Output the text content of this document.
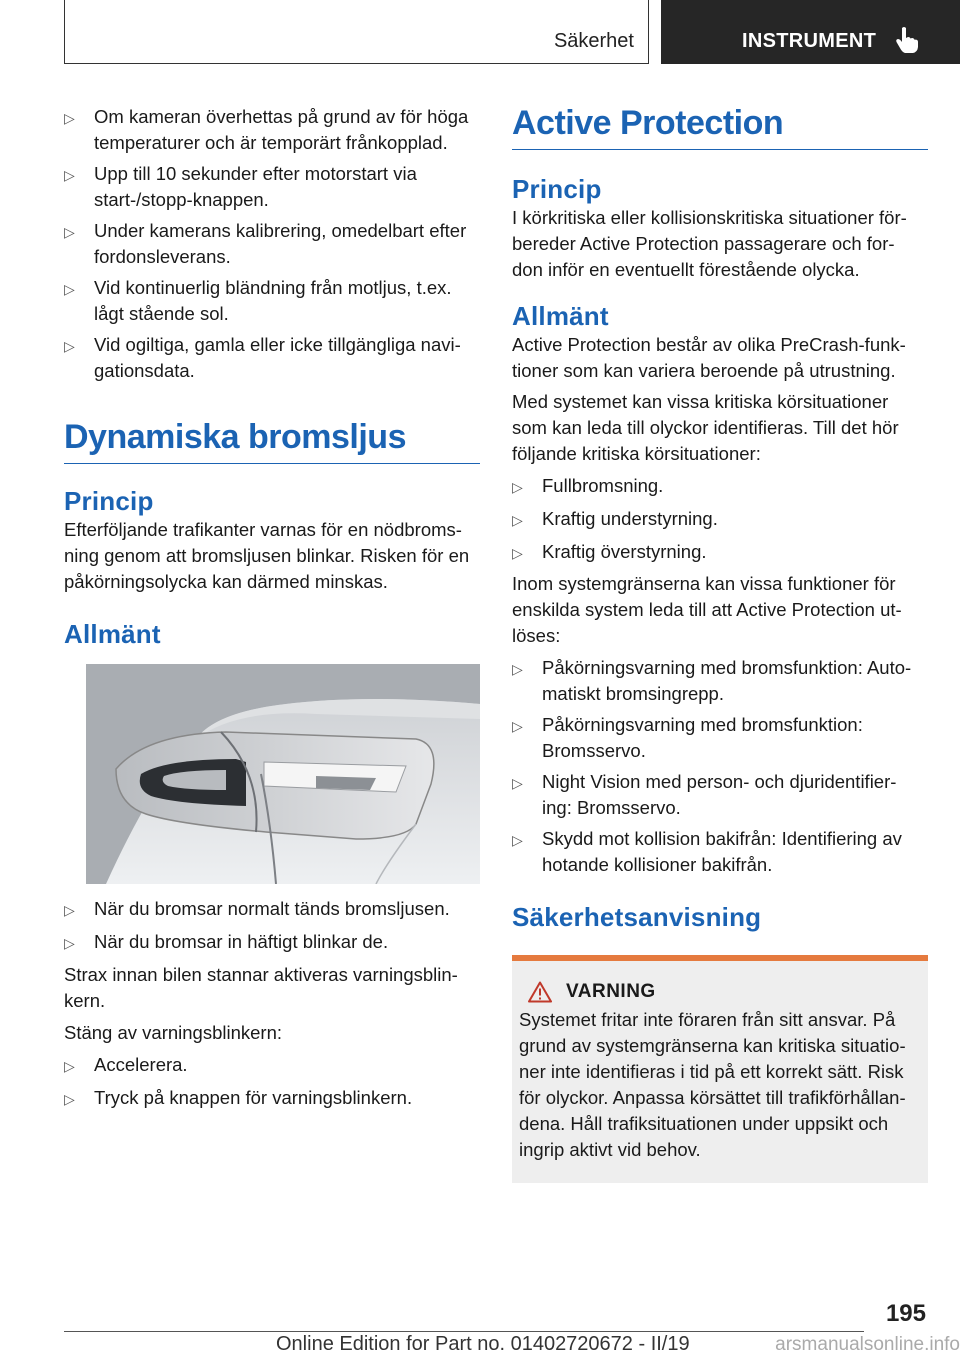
Säkerhet	INSTRUMENT
▷	Om kameran överhettas på grund av för höga temperaturer och är temporärt frånkopplad.
▷	Upp till 10 sekunder efter motorstart via start-/stopp-knappen.
▷	Under kamerans kalibrering, omedelbart efter fordonsleverans.
▷	Vid kontinuerlig bländning från motljus, t.ex. lågt stående sol.
▷	Vid ogiltiga, gamla eller icke tillgängliga navi‐ gationsdata.
Dynamiska bromsljus
Princip

Efterföljande trafikanter varnas för en nödbroms‐ ning genom att bromsljusen blinkar. Risken för en påkörningsolycka kan därmed minskas.

Allmänt
▷	När du bromsar normalt tänds bromsljusen.
▷	När du bromsar in häftigt blinkar de.

Strax innan bilen stannar aktiveras varningsblin‐ kern.

Stäng av varningsblinkern:

▷	Accelerera.
▷	Tryck på knappen för varningsblinkern.
Active Protection
Princip

I körkritiska eller kollisionskritiska situationer för‐ bereder Active Protection passagerare och for‐ don inför en eventuellt förestående olycka.

Allmänt

Active Protection består av olika PreCrash-funk‐ tioner som kan variera beroende på utrustning.

Med systemet kan vissa kritiska körsituationer som kan leda till olyckor identifieras. Till det hör följande kritiska körsituationer:

▷	Fullbromsning.
▷	Kraftig understyrning.
▷	Kraftig överstyrning.

Inom systemgränserna kan vissa funktioner för enskilda system leda till att Active Protection ut‐ löses:

▷	Påkörningsvarning med bromsfunktion: Auto‐ matiskt bromsingrepp.
▷	Påkörningsvarning med bromsfunktion: Bromsservo.
▷	Night Vision med person- och djuridentifier‐ ing: Bromsservo.
▷	Skydd mot kollision bakifrån: Identifiering av hotande kollisioner bakifrån.
Säkerhetsanvisning
VARNING

Systemet fritar inte föraren från sitt ansvar. På grund av systemgränserna kan kritiska situatio‐ ner inte identifieras i tid på ett korrekt sätt. Risk för olyckor. Anpassa körsättet till trafikförhållan‐ dena. Håll trafiksituationen under uppsikt och ingrip aktivt vid behov.

195
Online Edition for Part no. 01402720672 - II/19	arsmanualsonline.info
